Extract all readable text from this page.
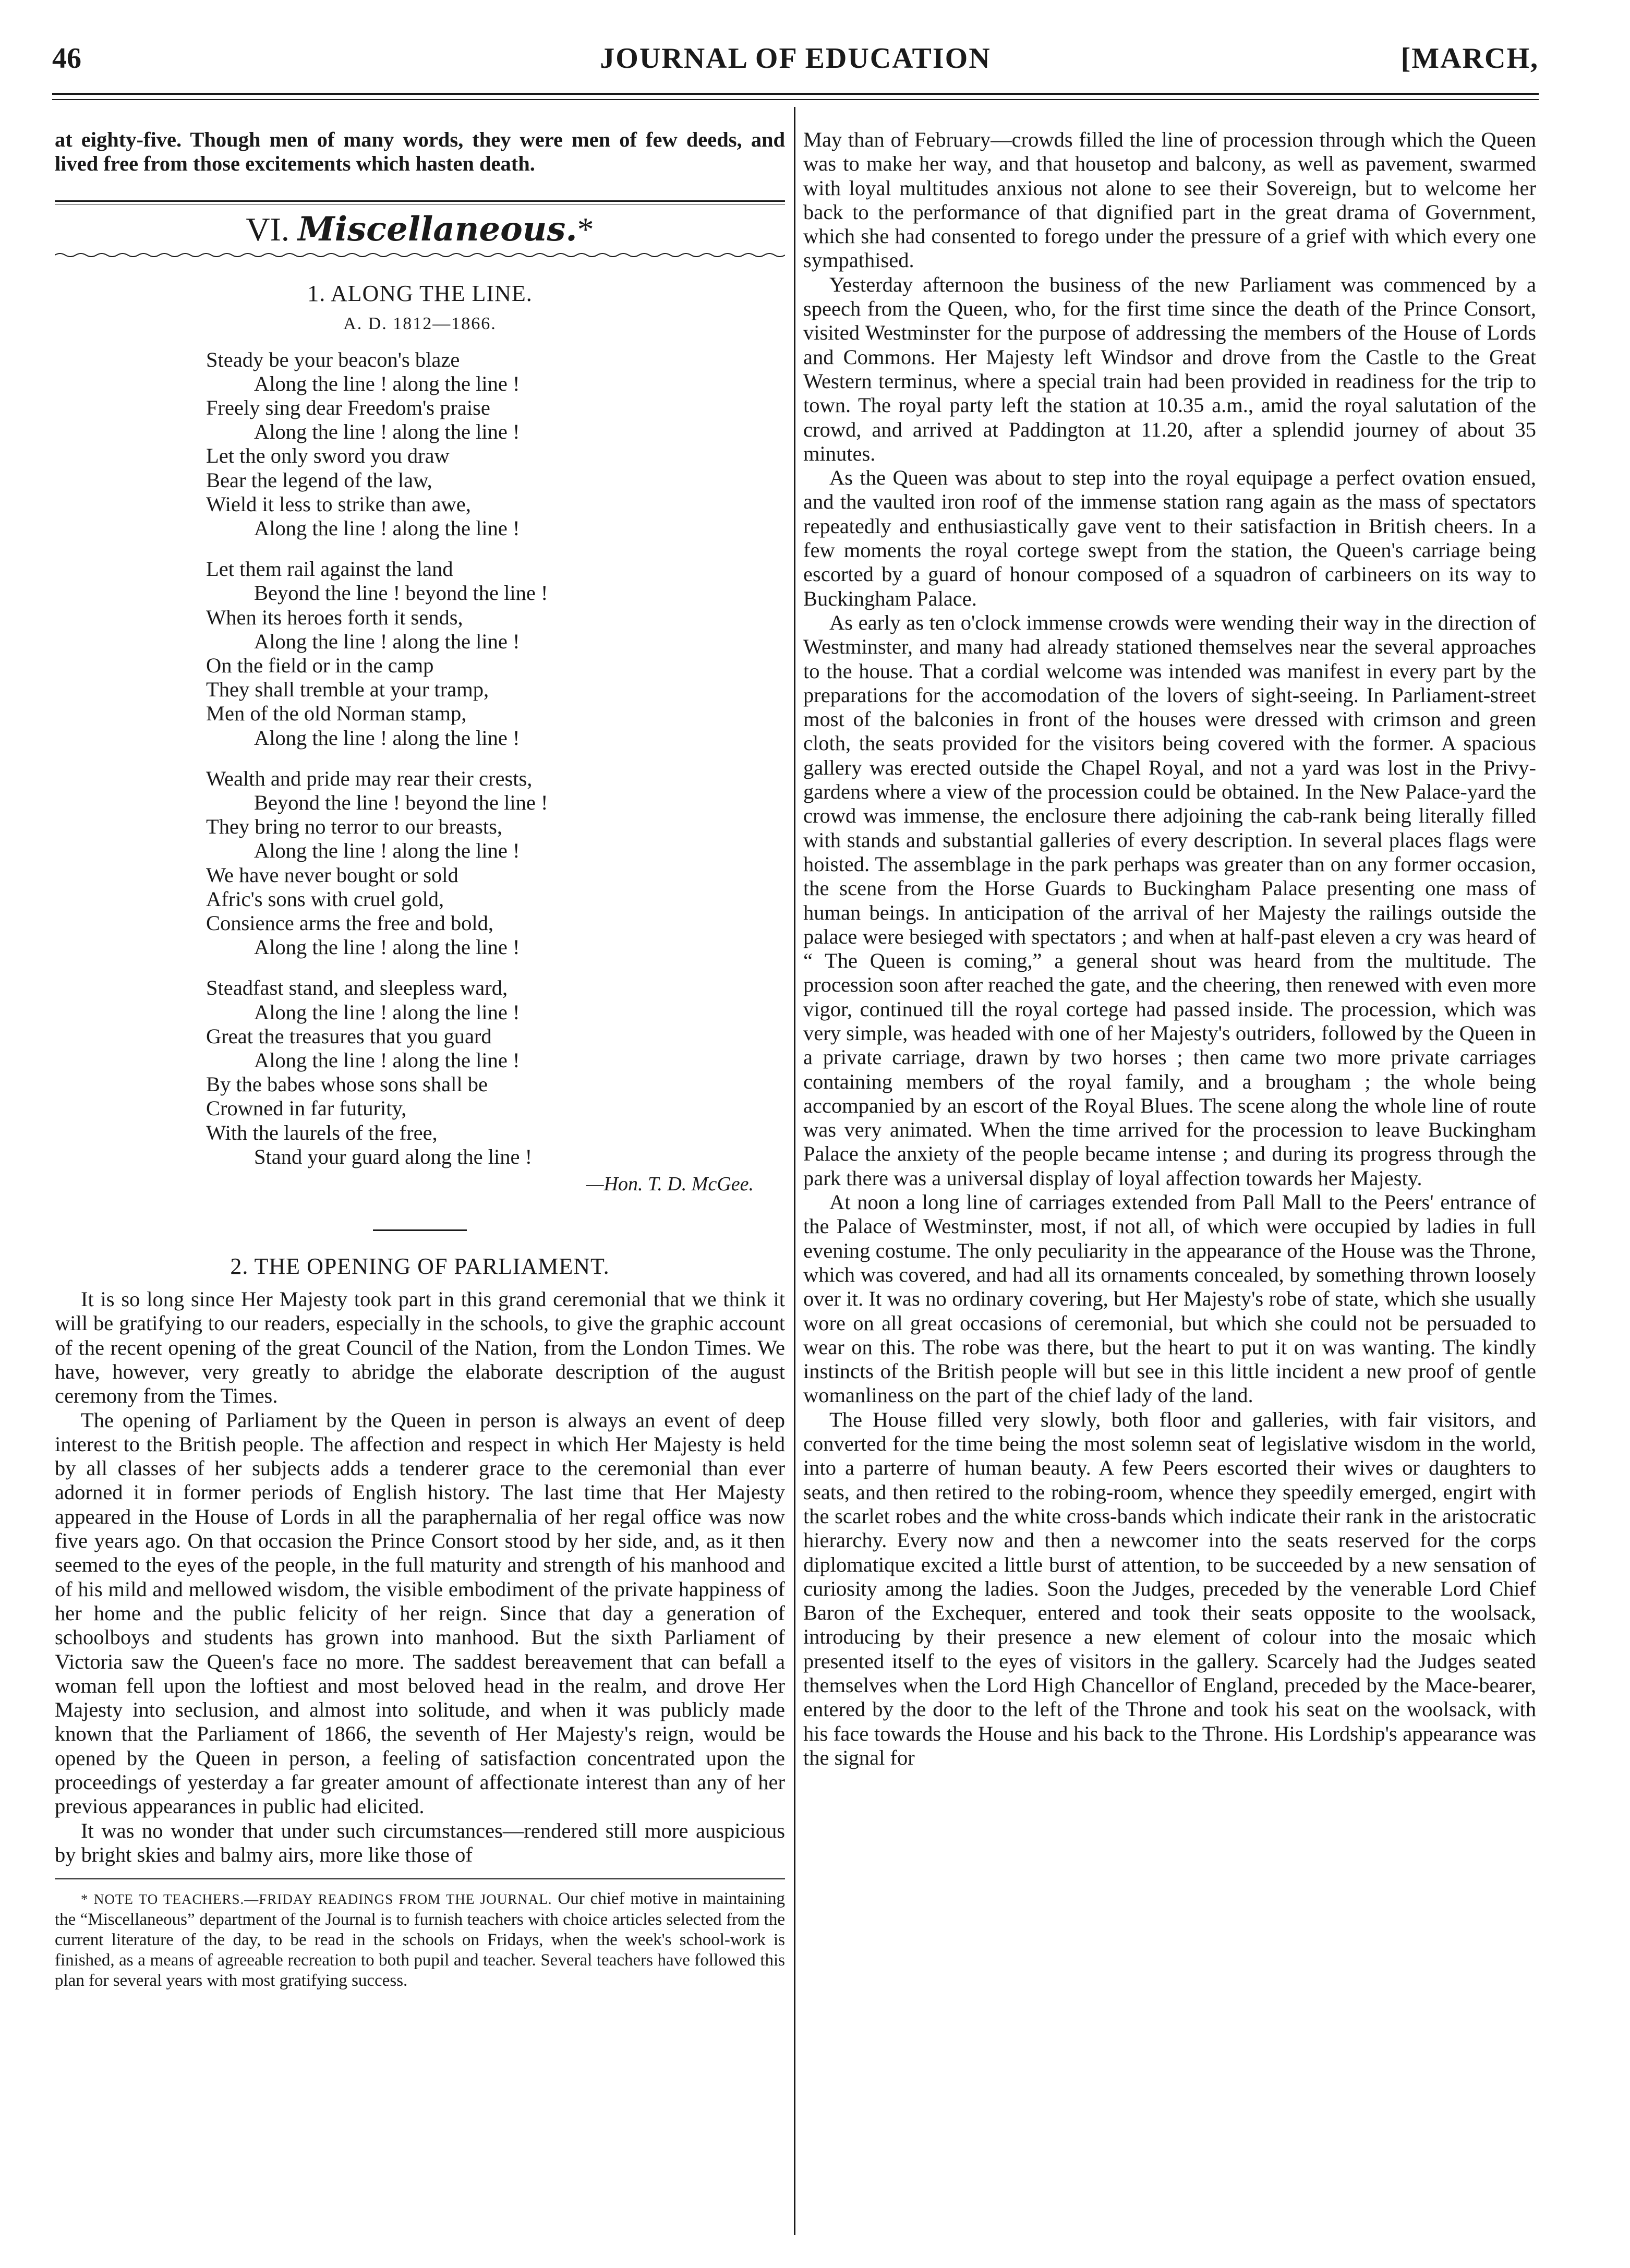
46	JOURNAL OF EDUCATION	[MARCH,

at eighty-five. Though men of many words, they were men of few deeds, and lived free from those excitements which hasten death.

VI. Miscellaneous.*
1. ALONG THE LINE.
A. D. 1812—1866.
Steady be your beacon's blaze
Along the line ! along the line !
Freely sing dear Freedom's praise
Along the line ! along the line !
Let the only sword you draw
Bear the legend of the law,
Wield it less to strike than awe,
Along the line ! along the line !
Let them rail against the land
Beyond the line ! beyond the line !
When its heroes forth it sends,
Along the line ! along the line !
On the field or in the camp
They shall tremble at your tramp,
Men of the old Norman stamp,
Along the line ! along the line !
Wealth and pride may rear their crests,
Beyond the line ! beyond the line !
They bring no terror to our breasts,
Along the line ! along the line !
We have never bought or sold
Afric's sons with cruel gold,
Consience arms the free and bold,
Along the line ! along the line !
Steadfast stand, and sleepless ward,
Along the line ! along the line !
Great the treasures that you guard
Along the line ! along the line !
By the babes whose sons shall be
Crowned in far futurity,
With the laurels of the free,
Stand your guard along the line !
—Hon. T. D. McGee.
2. THE OPENING OF PARLIAMENT.

It is so long since Her Majesty took part in this grand ceremonial that we think it will be gratifying to our readers, especially in the schools, to give the graphic account of the recent opening of the great Council of the Nation, from the London Times. We have, however, very greatly to abridge the elaborate description of the august ceremony from the Times.

The opening of Parliament by the Queen in person is always an event of deep interest to the British people. The affection and respect in which Her Majesty is held by all classes of her subjects adds a tenderer grace to the ceremonial than ever adorned it in former periods of English history. The last time that Her Majesty appeared in the House of Lords in all the paraphernalia of her regal office was now five years ago. On that occasion the Prince Consort stood by her side, and, as it then seemed to the eyes of the people, in the full maturity and strength of his manhood and of his mild and mellowed wisdom, the visible embodiment of the private happiness of her home and the public felicity of her reign. Since that day a generation of schoolboys and students has grown into manhood. But the sixth Parliament of Victoria saw the Queen's face no more. The saddest bereavement that can befall a woman fell upon the loftiest and most beloved head in the realm, and drove Her Majesty into seclusion, and almost into solitude, and when it was publicly made known that the Parliament of 1866, the seventh of Her Majesty's reign, would be opened by the Queen in person, a feeling of satisfaction concentrated upon the proceedings of yesterday a far greater amount of affectionate interest than any of her previous appearances in public had elicited.

It was no wonder that under such circumstances—rendered still more auspicious by bright skies and balmy airs, more like those of

* NOTE TO TEACHERS.—FRIDAY READINGS FROM THE JOURNAL. Our chief motive in maintaining the “Miscellaneous” department of the Journal is to furnish teachers with choice articles selected from the current literature of the day, to be read in the schools on Fridays, when the week's school-work is finished, as a means of agreeable recreation to both pupil and teacher. Several teachers have followed this plan for several years with most gratifying success.

May than of February—crowds filled the line of procession through which the Queen was to make her way, and that housetop and balcony, as well as pavement, swarmed with loyal multitudes anxious not alone to see their Sovereign, but to welcome her back to the performance of that dignified part in the great drama of Government, which she had consented to forego under the pressure of a grief with which every one sympathised.

Yesterday afternoon the business of the new Parliament was commenced by a speech from the Queen, who, for the first time since the death of the Prince Consort, visited Westminster for the purpose of addressing the members of the House of Lords and Commons. Her Majesty left Windsor and drove from the Castle to the Great Western terminus, where a special train had been provided in readiness for the trip to town. The royal party left the station at 10.35 a.m., amid the royal salutation of the crowd, and arrived at Paddington at 11.20, after a splendid journey of about 35 minutes.

As the Queen was about to step into the royal equipage a perfect ovation ensued, and the vaulted iron roof of the immense station rang again as the mass of spectators repeatedly and enthusiastically gave vent to their satisfaction in British cheers. In a few moments the royal cortege swept from the station, the Queen's carriage being escorted by a guard of honour composed of a squadron of carbineers on its way to Buckingham Palace.

As early as ten o'clock immense crowds were wending their way in the direction of Westminster, and many had already stationed themselves near the several approaches to the house. That a cordial welcome was intended was manifest in every part by the preparations for the accomodation of the lovers of sight-seeing. In Parliament-street most of the balconies in front of the houses were dressed with crimson and green cloth, the seats provided for the visitors being covered with the former. A spacious gallery was erected outside the Chapel Royal, and not a yard was lost in the Privy-gardens where a view of the procession could be obtained. In the New Palace-yard the crowd was immense, the enclosure there adjoining the cab-rank being literally filled with stands and substantial galleries of every description. In several places flags were hoisted. The assemblage in the park perhaps was greater than on any former occasion, the scene from the Horse Guards to Buckingham Palace presenting one mass of human beings. In anticipation of the arrival of her Majesty the railings outside the palace were besieged with spectators ; and when at half-past eleven a cry was heard of “ The Queen is coming,” a general shout was heard from the multitude. The procession soon after reached the gate, and the cheering, then renewed with even more vigor, continued till the royal cortege had passed inside. The procession, which was very simple, was headed with one of her Majesty's outriders, followed by the Queen in a private carriage, drawn by two horses ; then came two more private carriages containing members of the royal family, and a brougham ; the whole being accompanied by an escort of the Royal Blues. The scene along the whole line of route was very animated. When the time arrived for the procession to leave Buckingham Palace the anxiety of the people became intense ; and during its progress through the park there was a universal display of loyal affection towards her Majesty.

At noon a long line of carriages extended from Pall Mall to the Peers' entrance of the Palace of Westminster, most, if not all, of which were occupied by ladies in full evening costume. The only peculiarity in the appearance of the House was the Throne, which was covered, and had all its ornaments concealed, by something thrown loosely over it. It was no ordinary covering, but Her Majesty's robe of state, which she usually wore on all great occasions of ceremonial, but which she could not be persuaded to wear on this. The robe was there, but the heart to put it on was wanting. The kindly instincts of the British people will but see in this little incident a new proof of gentle womanliness on the part of the chief lady of the land.

The House filled very slowly, both floor and galleries, with fair visitors, and converted for the time being the most solemn seat of legislative wisdom in the world, into a parterre of human beauty. A few Peers escorted their wives or daughters to seats, and then retired to the robing-room, whence they speedily emerged, engirt with the scarlet robes and the white cross-bands which indicate their rank in the aristocratic hierarchy. Every now and then a newcomer into the seats reserved for the corps diplomatique excited a little burst of attention, to be succeeded by a new sensation of curiosity among the ladies. Soon the Judges, preceded by the venerable Lord Chief Baron of the Exchequer, entered and took their seats opposite to the woolsack, introducing by their presence a new element of colour into the mosaic which presented itself to the eyes of visitors in the gallery. Scarcely had the Judges seated themselves when the Lord High Chancellor of England, preceded by the Mace-bearer, entered by the door to the left of the Throne and took his seat on the woolsack, with his face towards the House and his back to the Throne. His Lordship's appearance was the signal for
